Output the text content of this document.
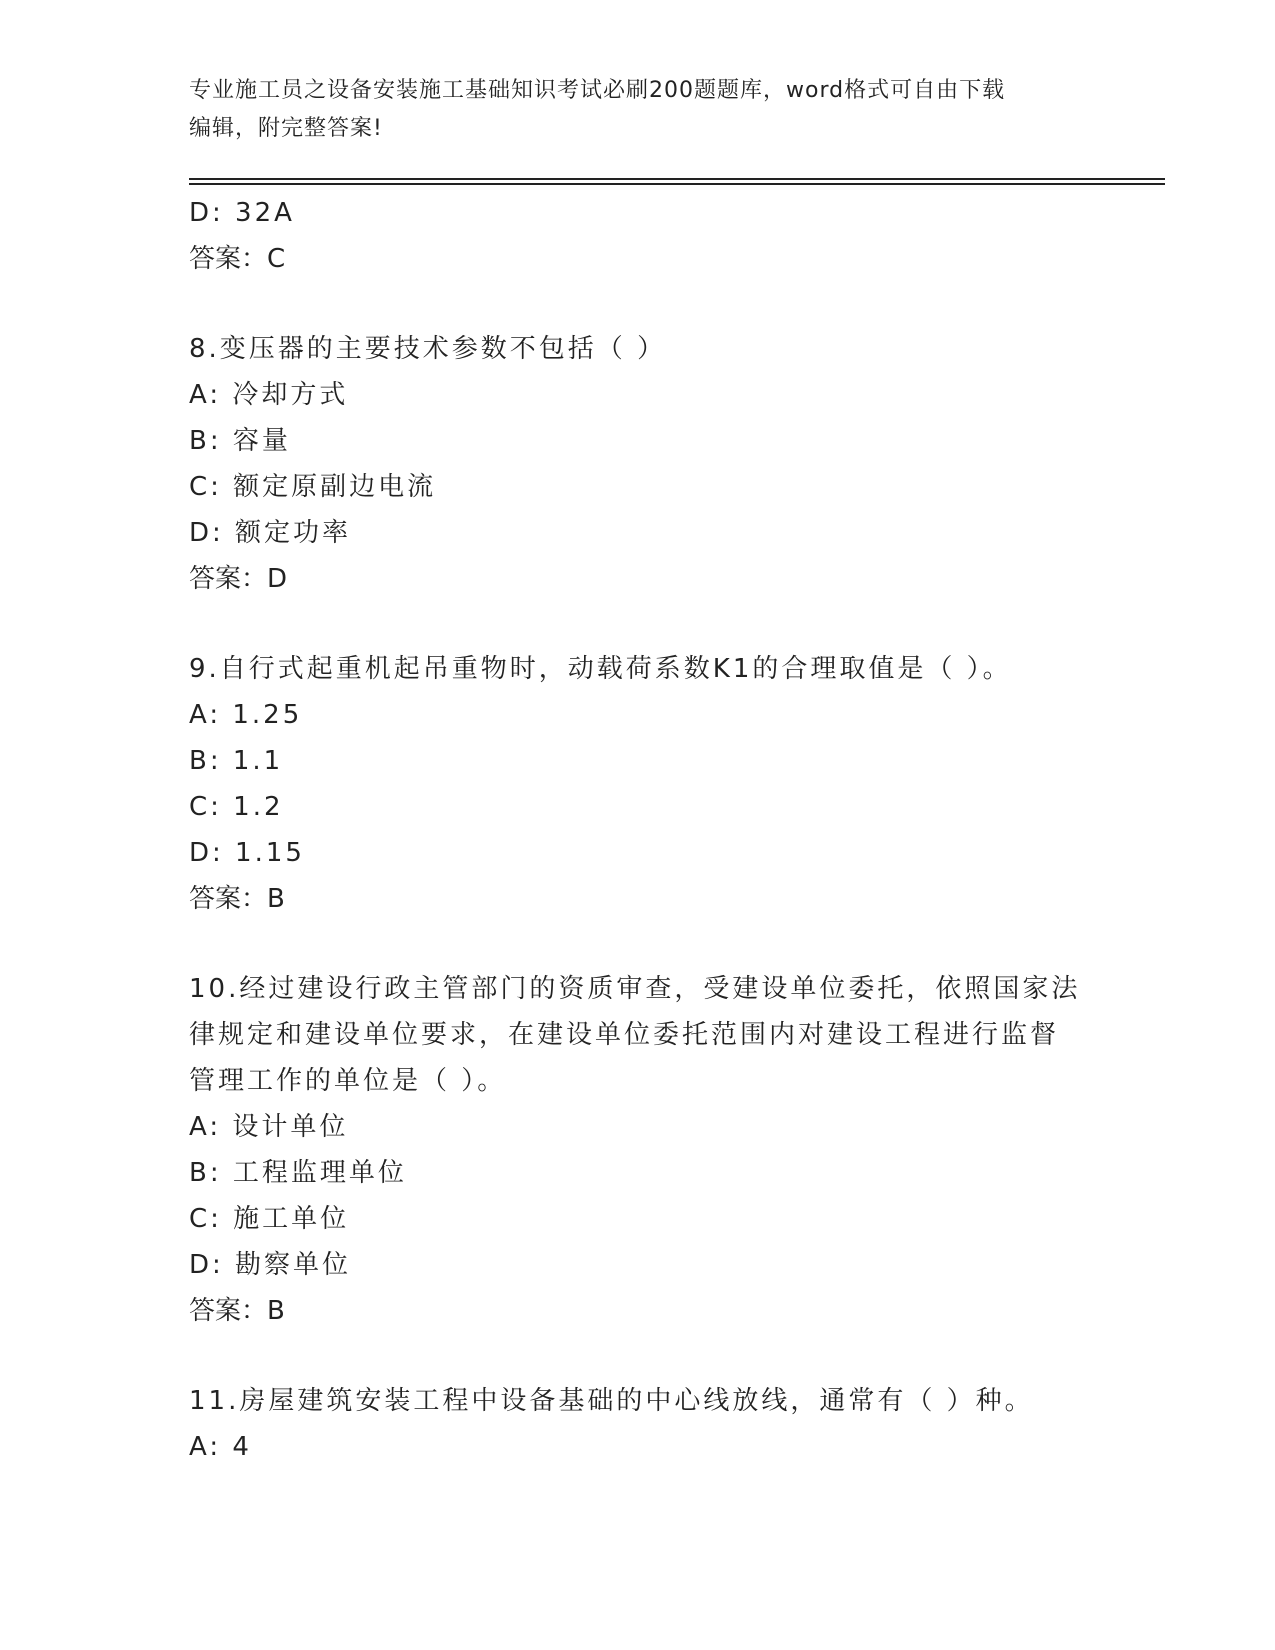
专业施工员之设备安装施工基础知识考试必刷200题题库，word格式可自由下载
编辑，附完整答案!
D: 32A
答案：C
8.变压器的主要技术参数不包括（ ）
A: 冷却方式
B: 容量
C: 额定原副边电流
D: 额定功率
答案：D
9.自行式起重机起吊重物时，动载荷系数K1的合理取值是（ ）。
A: 1.25
B: 1.1
C: 1.2
D: 1.15
答案：B
10.经过建设行政主管部门的资质审查，受建设单位委托，依照国家法
律规定和建设单位要求，在建设单位委托范围内对建设工程进行监督
管理工作的单位是（ ）。
A: 设计单位
B: 工程监理单位
C: 施工单位
D: 勘察单位
答案：B
11.房屋建筑安装工程中设备基础的中心线放线，通常有（ ）种。
A: 4
